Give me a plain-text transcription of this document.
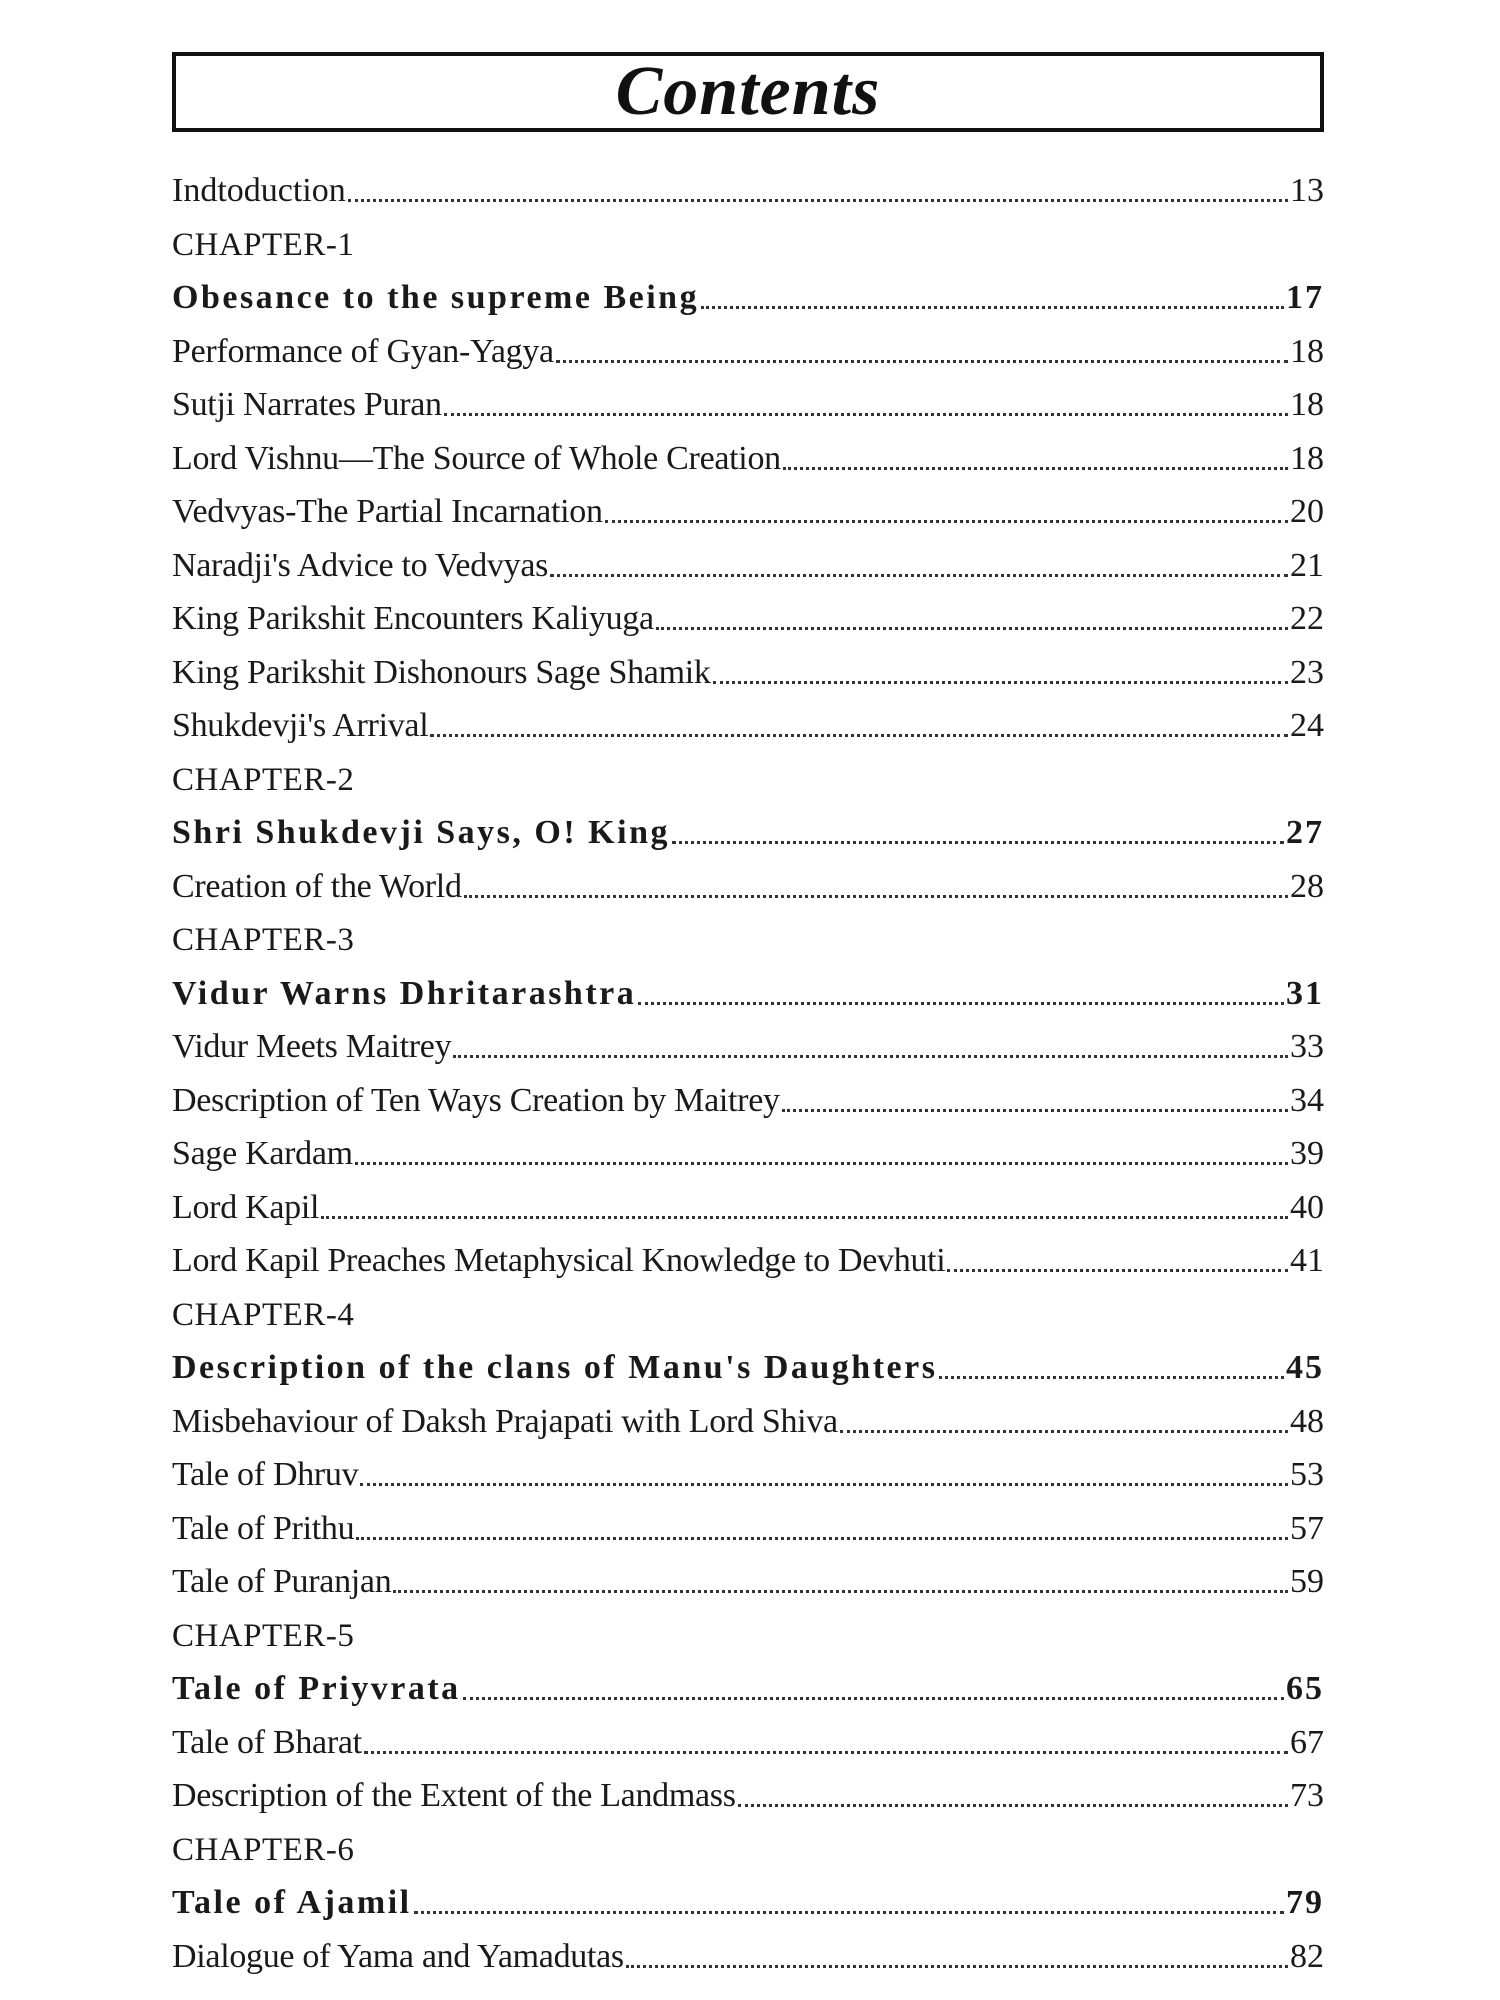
Contents
Indtoduction	13
CHAPTER-1
Obesance to the supreme Being	17
Performance of Gyan-Yagya	18
Sutji Narrates Puran	18
Lord Vishnu—The Source of Whole Creation	18
Vedvyas-The Partial Incarnation	20
Naradji's Advice to Vedvyas	21
King Parikshit Encounters Kaliyuga	22
King Parikshit Dishonours Sage Shamik	23
Shukdevji's Arrival	24
CHAPTER-2
Shri Shukdevji Says, O! King	27
Creation of the World	28
CHAPTER-3
Vidur Warns Dhritarashtra	31
Vidur Meets Maitrey	33
Description of Ten Ways Creation by Maitrey	34
Sage Kardam	39
Lord Kapil	40
Lord Kapil Preaches Metaphysical Knowledge to Devhuti	41
CHAPTER-4
Description of the clans of Manu's Daughters	45
Misbehaviour of Daksh Prajapati with Lord Shiva	48
Tale of Dhruv	53
Tale of Prithu	57
Tale of Puranjan	59
CHAPTER-5
Tale of Priyvrata	65
Tale of Bharat	67
Description of the Extent of the Landmass	73
CHAPTER-6
Tale of Ajamil	79
Dialogue of Yama and Yamadutas	82
